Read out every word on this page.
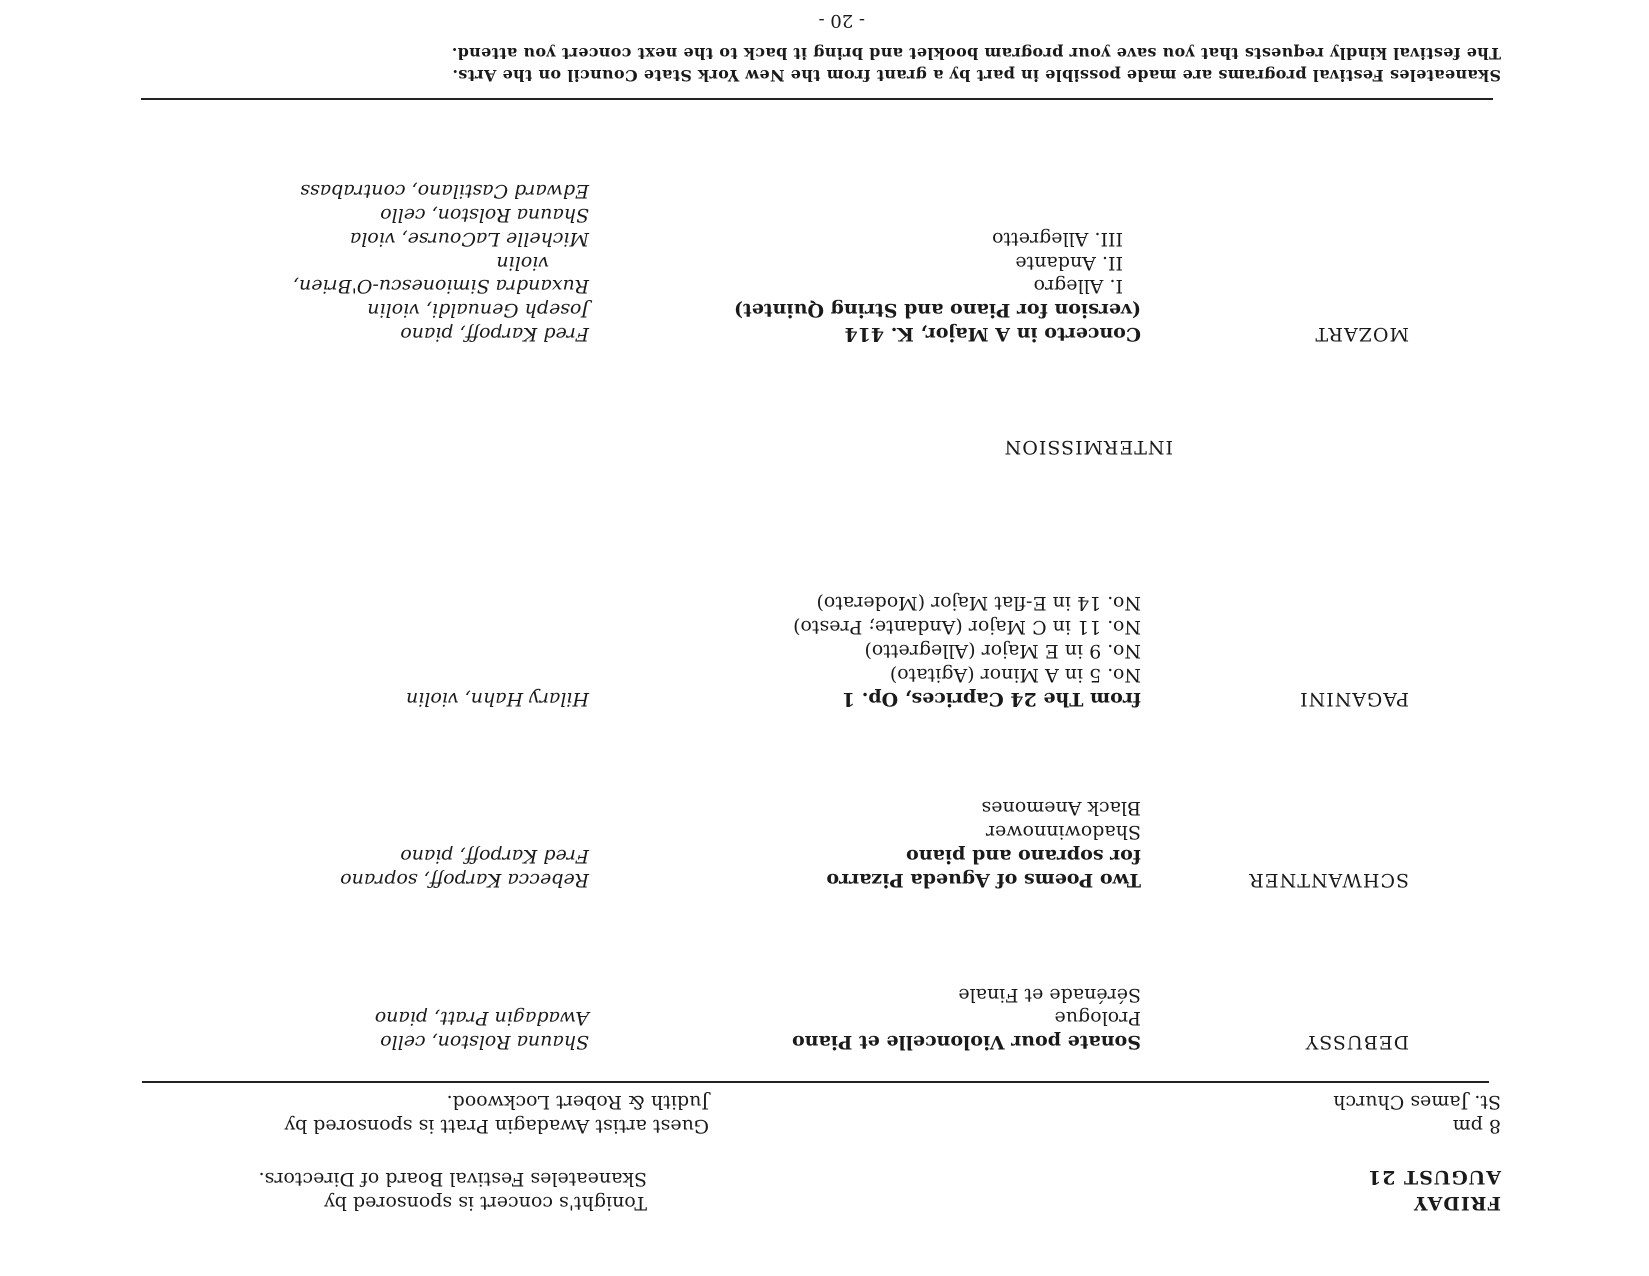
FRIDAY
AUGUST 21
Tonight's concert is sponsored by
Skaneateles Festival Board of Directors.
8 pm
St. James Church
Guest artist Awadagin Pratt is sponsored by
Judith & Robert Lockwood.
DEBUSSY
Sonate pour Violoncelle et Piano
Prologue
Sérénade et Finale
Shauna Rolston, cello
Awadagin Pratt, piano
SCHWANTNER
Two Poems of Agueda Pizarro
for soprano and piano
Shadowinnower
Black Anemones
Rebecca Karpoff, soprano
Fred Karpoff, piano
PAGANINI
from The 24 Caprices, Op. 1
No. 5 in A Minor (Agitato)
No. 9 in E Major (Allegretto)
No. 11 in C Major (Andante; Presto)
No. 14 in E-flat Major (Moderato)
Hilary Hahn, violin
INTERMISSION
MOZART
Concerto in A Major, K. 414
(version for Piano and String Quintet)
I. Allegro
II. Andante
III. Allegretto
Fred Karpoff, piano
Joseph Genualdi, violin
Ruxandra Simionescu-O'Brien,
violin
Michelle LaCourse, viola
Shauna Rolston, cello
Edward Castilano, contrabass
Skaneateles Festival programs are made possible in part by a grant from the New York State Council on the Arts.
The festival kindly requests that you save your program booklet and bring it back to the next concert you attend.
- 20 -
